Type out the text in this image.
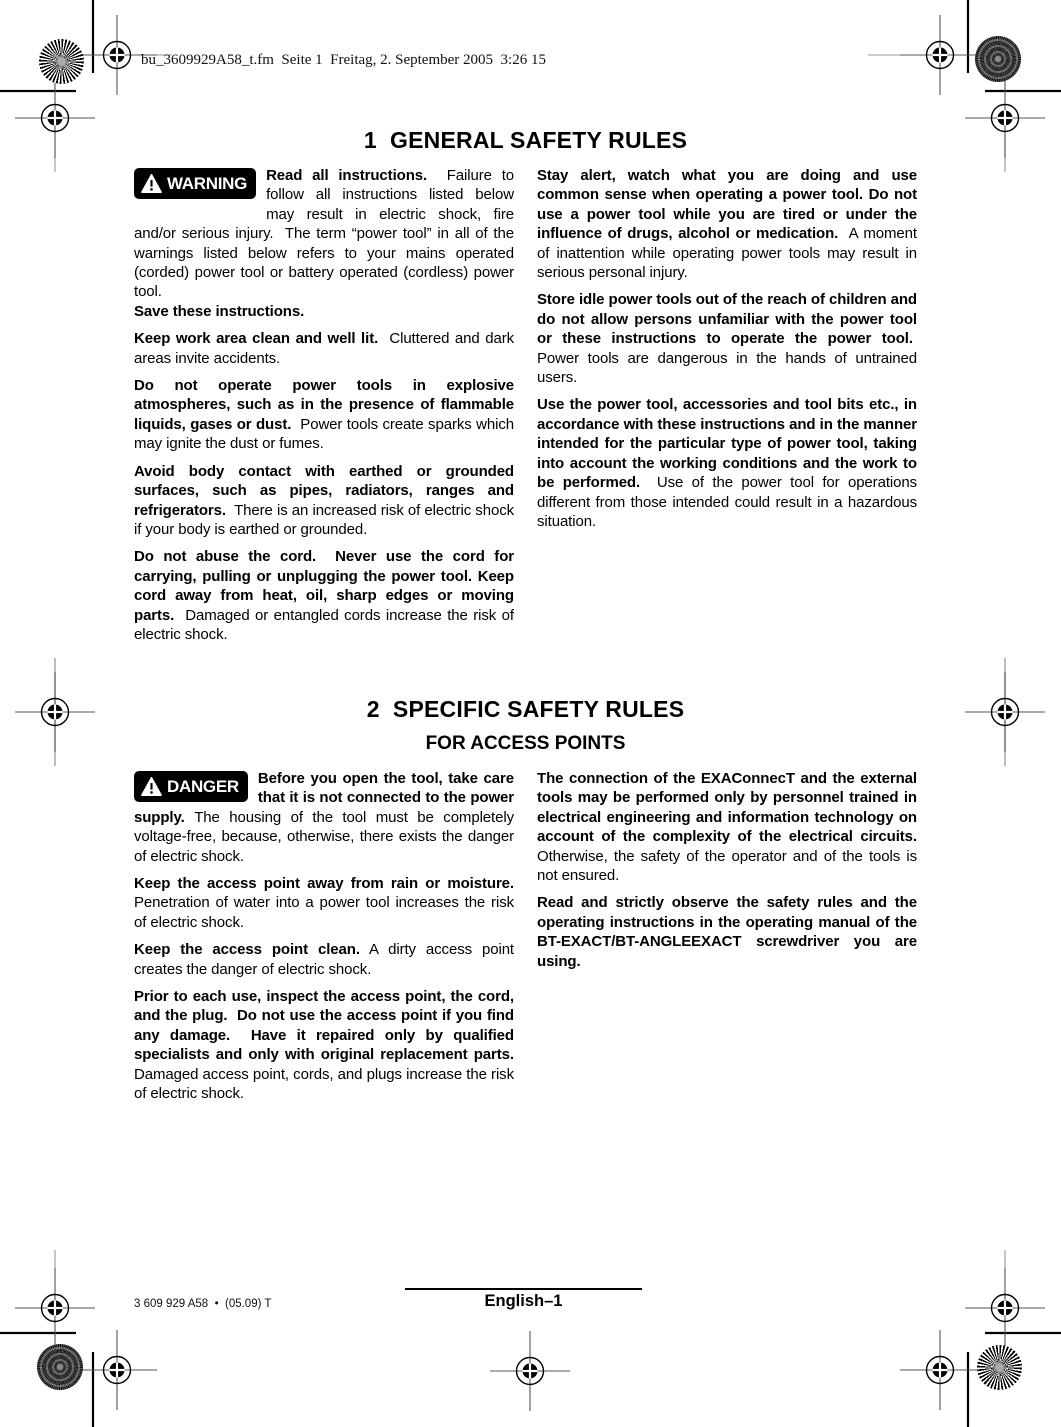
bu_3609929A58_t.fm  Seite 1  Freitag, 2. September 2005  3:26 15
1  GENERAL SAFETY RULES

WARNING Read all instructions.  Failure to follow all instructions listed below may result in electric shock, fire and/or serious injury.  The term “power tool” in all of the warnings listed below refers to your mains operated (corded) power tool or battery operated (cordless) power tool.

Save these instructions.

Keep work area clean and well lit.  Cluttered and dark areas invite accidents.

Do not operate power tools in explosive atmospheres, such as in the presence of flammable liquids, gases or dust.  Power tools create sparks which may ignite the dust or fumes.

Avoid body contact with earthed or grounded surfaces, such as pipes, radiators, ranges and refrigerators.  There is an increased risk of electric shock if your body is earthed or grounded.

Do not abuse the cord.  Never use the cord for carrying, pulling or unplugging the power tool. Keep cord away from heat, oil, sharp edges or moving parts.  Damaged or entangled cords increase the risk of electric shock.

Stay alert, watch what you are doing and use common sense when operating a power tool. Do not use a power tool while you are tired or under the influence of drugs, alcohol or medication.  A moment of inattention while operating power tools may result in serious personal injury.

Store idle power tools out of the reach of children and do not allow persons unfamiliar with the power tool or these instructions to operate the power tool.  Power tools are dangerous in the hands of untrained users.

Use the power tool, accessories and tool bits etc., in accordance with these instructions and in the manner intended for the particular type of power tool, taking into account the working conditions and the work to be performed.  Use of the power tool for operations different from those intended could result in a hazardous situation.

2  SPECIFIC SAFETY RULES
FOR ACCESS POINTS

DANGER Before you open the tool, take care that it is not connected to the power supply. The housing of the tool must be completely voltage-free, because, otherwise, there exists the danger of electric shock.

Keep the access point away from rain or moisture. Penetration of water into a power tool increases the risk of electric shock.

Keep the access point clean. A dirty access point creates the danger of electric shock.

Prior to each use, inspect the access point, the cord, and the plug.  Do not use the access point if you find any damage.  Have it repaired only by qualified specialists and only with original replacement parts. Damaged access point, cords, and plugs increase the risk of electric shock.

The connection of the EXAConnecT and the external tools may be performed only by personnel trained in electrical engineering and information technology on account of the complexity of the electrical circuits. Otherwise, the safety of the operator and of the tools is not ensured.

Read and strictly observe the safety rules and the operating instructions in the operating manual of the BT-EXACT/BT-ANGLEEXACT screwdriver you are using.

English–1
3 609 929 A58  •  (05.09) T
